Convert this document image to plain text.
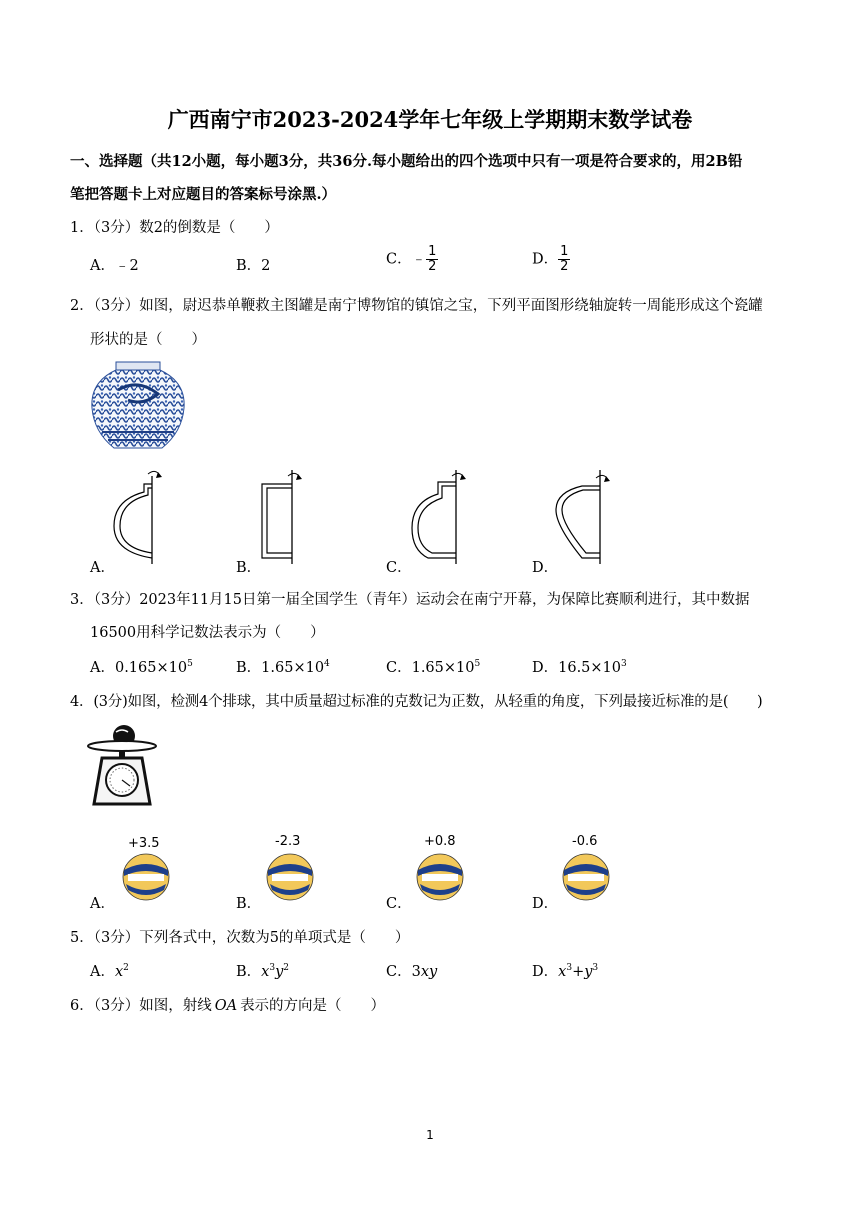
广西南宁市2023-2024学年七年级上学期期末数学试卷
一、选择题（共12小题，每小题3分，共36分.每小题给出的四个选项中只有一项是符合要求的，用2B铅
笔把答题卡上对应题目的答案标号涂黑.）
1．（3分）数2的倒数是（　　）
A．﹣2	B．2	C．﹣ $\frac{1}{2}$	D． $\frac{1}{2}$
2．（3分）如图，尉迟恭单鞭救主图罐是南宁博物馆的镇馆之宝，下列平面图形绕轴旋转一周能形成这个瓷罐
形状的是（　　）
A．	B．	C．	D．
3．（3分）2023年11月15日第一届全国学生（青年）运动会在南宁开幕，为保障比赛顺利进行，其中数据
16500用科学记数法表示为（　　）
A．$0.165\times 10^5$	B．$1.65\times 10^4$	C．$1.65\times 10^5$	D．$16.5\times 10^3$
4．(3分)如图，检测4个排球，其中质量超过标准的克数记为正数，从轻重的角度，下列最接近标准的是(　　)
+3.5	-2.3	+0.8	-0.6
A．	B．	C．	D．
5．（3分）下列各式中，次数为5的单项式是（　　）
A．$x^2$	B．$x^3y^2$	C．3xy	D．$x^3+y^3$
6．（3分）如图，射线 OA 表示的方向是（　　）
1
